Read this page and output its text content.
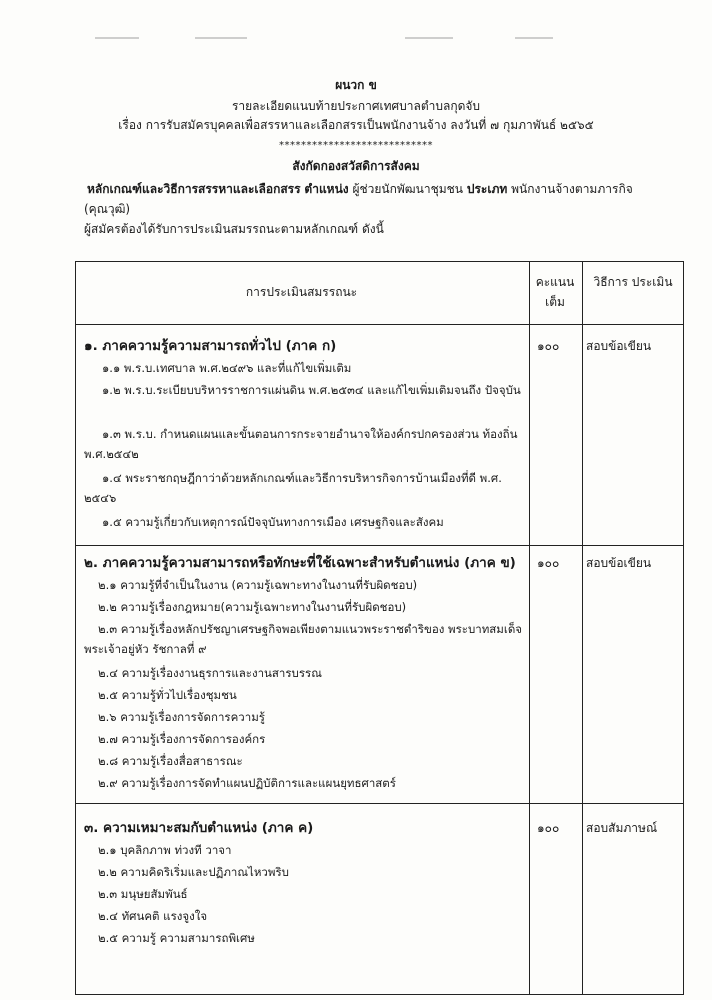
ผนวก ข
รายละเอียดแนบท้ายประกาศเทศบาลตำบลกุดจับ
เรื่อง การรับสมัครบุคคลเพื่อสรรหาและเลือกสรรเป็นพนักงานจ้าง ลงวันที่ ๗ กุมภาพันธ์ ๒๕๖๕
****************************
สังกัดกองสวัสดิการสังคม
หลักเกณฑ์และวิธีการสรรหาและเลือกสรร ตำแหน่ง ผู้ช่วยนักพัฒนาชุมชน ประเภท พนักงานจ้างตามภารกิจ
(คุณวุฒิ)
ผู้สมัครต้องได้รับการประเมินสมรรถนะตามหลักเกณฑ์ ดังนี้
การประเมินสมรรถนะ
คะแนน เต็ม
วิธีการ ประเมิน
๑. ภาคความรู้ความสามารถทั่วไป (ภาค ก)	๑๐๐ สอบข้อเขียน
๑.๑ พ.ร.บ.เทศบาล พ.ศ.๒๔๙๖ และที่แก้ไขเพิ่มเติม
๑.๒ พ.ร.บ.ระเบียบบริหารราชการแผ่นดิน พ.ศ.๒๕๓๔ และแก้ไขเพิ่มเติมจนถึง ปัจจุบัน
๑.๓ พ.ร.บ. กำหนดแผนและขั้นตอนการกระจายอำนาจให้องค์กรปกครองส่วน ท้องถิ่น พ.ศ.๒๕๔๒
๑.๔ พระราชกฤษฎีกาว่าด้วยหลักเกณฑ์และวิธีการบริหารกิจการบ้านเมืองที่ดี พ.ศ. ๒๕๔๖
๑.๕ ความรู้เกี่ยวกับเหตุการณ์ปัจจุบันทางการเมือง เศรษฐกิจและสังคม
๒. ภาคความรู้ความสามารถหรือทักษะที่ใช้เฉพาะสำหรับตำแหน่ง (ภาค ข) ๑๐๐ สอบข้อเขียน
๒.๑ ความรู้ที่จำเป็นในงาน (ความรู้เฉพาะทางในงานที่รับผิดชอบ)
๒.๒ ความรู้เรื่องกฎหมาย(ความรู้เฉพาะทางในงานที่รับผิดชอบ)
๒.๓ ความรู้เรื่องหลักปรัชญาเศรษฐกิจพอเพียงตามแนวพระราชดำริของ พระบาทสมเด็จพระเจ้าอยู่หัว รัชกาลที่ ๙
๒.๔ ความรู้เรื่องงานธุรการและงานสารบรรณ
๒.๕ ความรู้ทั่วไปเรื่องชุมชน
๒.๖ ความรู้เรื่องการจัดการความรู้
๒.๗ ความรู้เรื่องการจัดการองค์กร
๒.๘ ความรู้เรื่องสื่อสาธารณะ
๒.๙ ความรู้เรื่องการจัดทำแผนปฏิบัติการและแผนยุทธศาสตร์
๓. ความเหมาะสมกับตำแหน่ง (ภาค ค)	๑๐๐ สอบสัมภาษณ์
๒.๑ บุคลิกภาพ ท่วงที วาจา
๒.๒ ความคิดริเริ่มและปฏิภาณไหวพริบ
๒.๓ มนุษยสัมพันธ์
๒.๔ ทัศนคติ แรงจูงใจ
๒.๕ ความรู้ ความสามารถพิเศษ
